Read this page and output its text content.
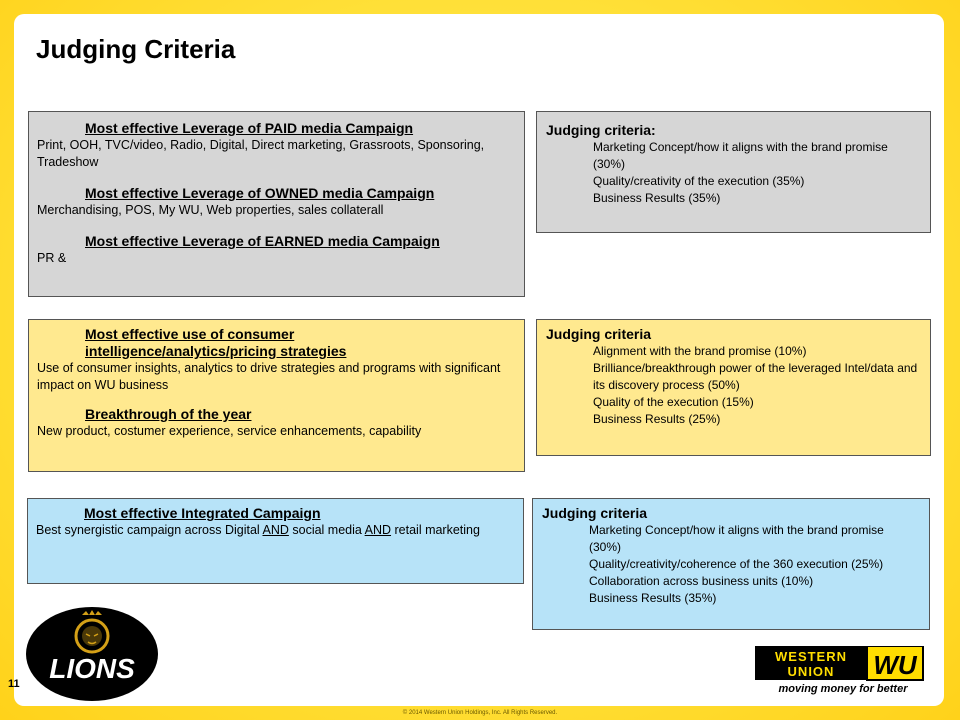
Judging Criteria

Most effective Leverage of PAID media Campaign

Print, OOH, TVC/video, Radio, Digital, Direct marketing, Grassroots, Sponsoring, Tradeshow

Most effective Leverage of OWNED media Campaign

Merchandising, POS, My WU, Web properties, sales collaterall

Most effective Leverage of EARNED media Campaign

PR &

Judging criteria:

Marketing Concept/how it aligns with the brand promise (30%)

Quality/creativity of the execution (35%)

Business Results (35%)

Most effective use of consumer intelligence/analytics/pricing strategies

Use of consumer insights, analytics to drive strategies and programs with significant impact on WU business

Breakthrough of the year

New product, costumer experience, service enhancements, capability

Judging criteria

Alignment with the brand promise (10%)

Brilliance/breakthrough power of the leveraged Intel/data and its discovery process (50%)

Quality of the execution (15%)

Business Results (25%)

Most effective Integrated Campaign

Best synergistic campaign across Digital AND social media AND retail marketing

Judging criteria

Marketing Concept/how it aligns with the brand promise (30%)

Quality/creativity/coherence of the 360 execution (25%)

Collaboration across business units (10%)

Business Results (35%)

LIONS
11
WESTERN
UNION WU
moving money for better
© 2014 Western Union Holdings, Inc. All Rights Reserved.
